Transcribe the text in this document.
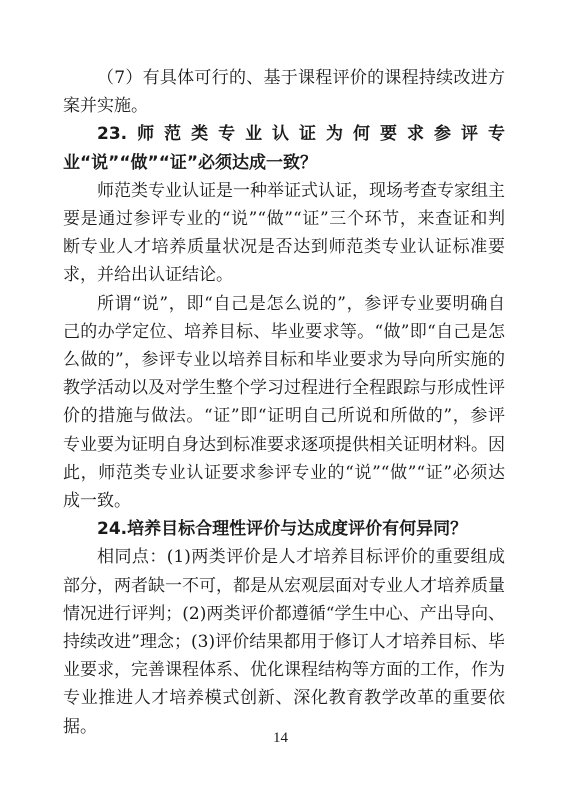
（7）有具体可行的、基于课程评价的课程持续改进方案并实施。

23.师范类专业认证为何要求参评专业“说”“做”“证”必须达成一致？

师范类专业认证是一种举证式认证，现场考查专家组主要是通过参评专业的“说”“做”“证”三个环节，来查证和判断专业人才培养质量状况是否达到师范类专业认证标准要求，并给出认证结论。

所谓“说”，即“自己是怎么说的”，参评专业要明确自己的办学定位、培养目标、毕业要求等。“做”即“自己是怎么做的”，参评专业以培养目标和毕业要求为导向所实施的教学活动以及对学生整个学习过程进行全程跟踪与形成性评价的措施与做法。“证”即“证明自己所说和所做的”，参评专业要为证明自身达到标准要求逐项提供相关证明材料。因此，师范类专业认证要求参评专业的“说”“做”“证”必须达成一致。

24.培养目标合理性评价与达成度评价有何异同？

相同点：(1)两类评价是人才培养目标评价的重要组成部分，两者缺一不可，都是从宏观层面对专业人才培养质量情况进行评判；(2)两类评价都遵循“学生中心、产出导向、持续改进”理念；(3)评价结果都用于修订人才培养目标、毕业要求，完善课程体系、优化课程结构等方面的工作，作为专业推进人才培养模式创新、深化教育教学改革的重要依据。

14
